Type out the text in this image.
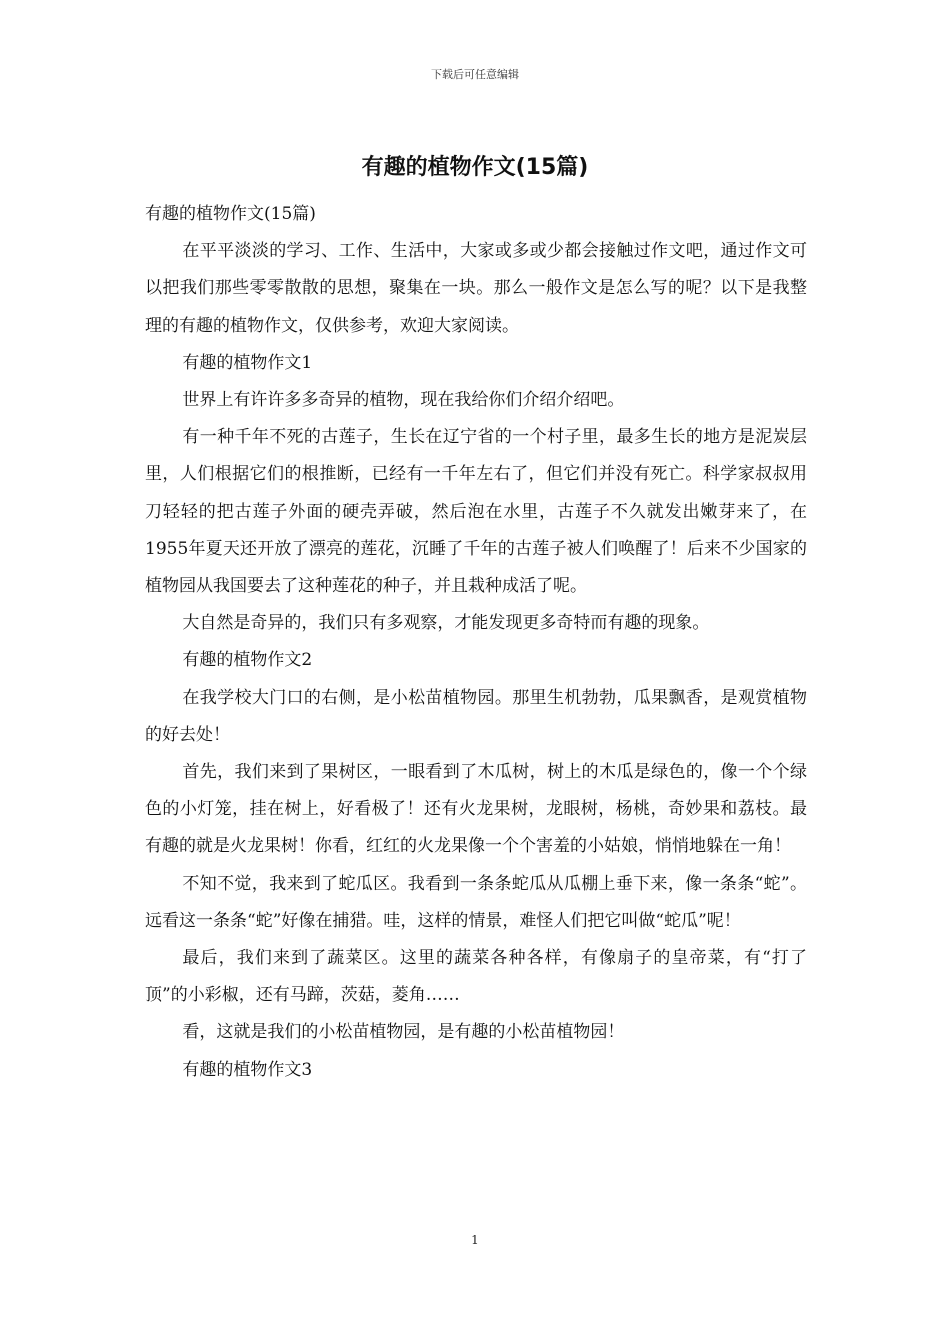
下载后可任意编辑
有趣的植物作文(15篇)

有趣的植物作文(15篇)

在平平淡淡的学习、工作、生活中，大家或多或少都会接触过作文吧，通过作文可以把我们那些零零散散的思想，聚集在一块。那么一般作文是怎么写的呢？以下是我整理的有趣的植物作文，仅供参考，欢迎大家阅读。

有趣的植物作文1

世界上有许许多多奇异的植物，现在我给你们介绍介绍吧。

有一种千年不死的古莲子，生长在辽宁省的一个村子里，最多生长的地方是泥炭层里，人们根据它们的根推断，已经有一千年左右了，但它们并没有死亡。科学家叔叔用刀轻轻的把古莲子外面的硬壳弄破，然后泡在水里，古莲子不久就发出嫩芽来了，在1955年夏天还开放了漂亮的莲花，沉睡了千年的古莲子被人们唤醒了！后来不少国家的植物园从我国要去了这种莲花的种子，并且栽种成活了呢。

大自然是奇异的，我们只有多观察，才能发现更多奇特而有趣的现象。

有趣的植物作文2

在我学校大门口的右侧，是小松苗植物园。那里生机勃勃，瓜果飘香，是观赏植物的好去处！

首先，我们来到了果树区，一眼看到了木瓜树，树上的木瓜是绿色的，像一个个绿色的小灯笼，挂在树上，好看极了！还有火龙果树，龙眼树，杨桃，奇妙果和荔枝。最有趣的就是火龙果树！你看，红红的火龙果像一个个害羞的小姑娘，悄悄地躲在一角！

不知不觉，我来到了蛇瓜区。我看到一条条蛇瓜从瓜棚上垂下来，像一条条“蛇”。远看这一条条“蛇”好像在捕猎。哇，这样的情景，难怪人们把它叫做“蛇瓜”呢！

最后，我们来到了蔬菜区。这里的蔬菜各种各样，有像扇子的皇帝菜，有“打了顶”的小彩椒，还有马蹄，茨菇，菱角……

看，这就是我们的小松苗植物园，是有趣的小松苗植物园！

有趣的植物作文3

1
